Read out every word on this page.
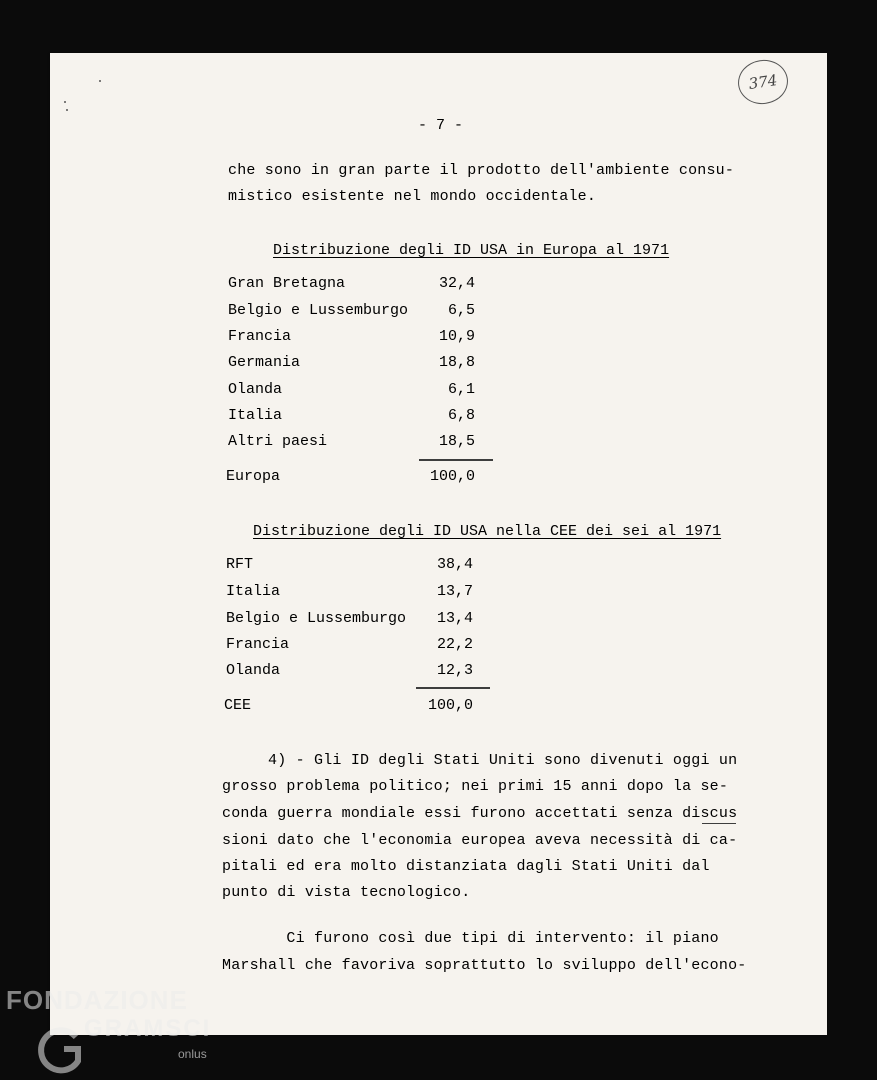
374
- 7 -
che sono in gran parte il prodotto dell'ambiente consu-
mistico esistente nel mondo occidentale.
Distribuzione degli ID USA in Europa al 1971
Gran Bretagna	32,4
Belgio e Lussemburgo	6,5
Francia	10,9
Germania	18,8
Olanda	6,1
Italia	6,8
Altri paesi	18,5
Europa	100,0
Distribuzione degli ID USA nella CEE dei sei al 1971
RFT	38,4
Italia	13,7
Belgio e Lussemburgo	13,4
Francia	22,2
Olanda	12,3
CEE	100,0
4) - Gli ID degli Stati Uniti sono divenuti oggi un
grosso problema politico; nei primi 15 anni dopo la se-
conda guerra mondiale essi furono accettati senza discus
sioni dato che l'economia europea aveva necessità di ca-
pitali ed era molto distanziata dagli Stati Uniti dal
punto di vista tecnologico.
Ci furono così due tipi di intervento: il piano
Marshall che favoriva soprattutto lo sviluppo dell'econo-
FONDAZIONE
GRAMSCI
onlus
